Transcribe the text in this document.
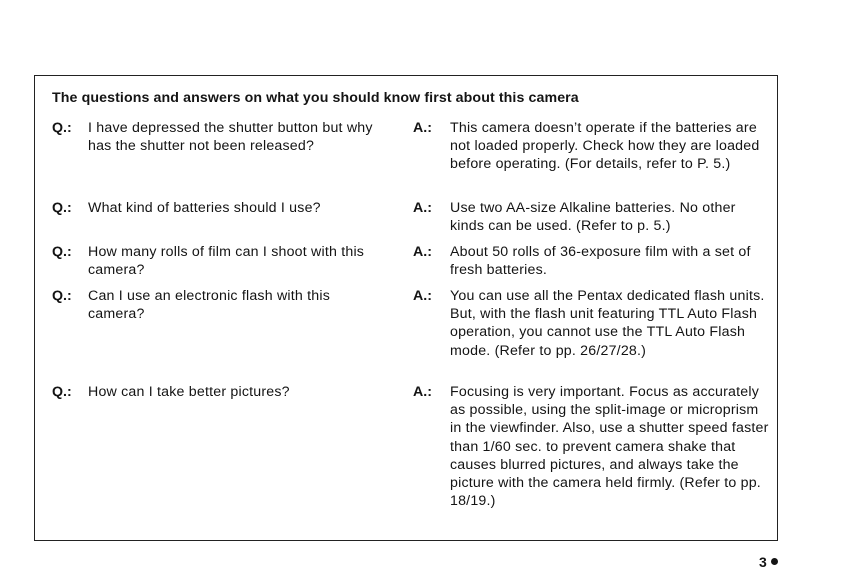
The questions and answers on what you should know first about this camera
Q.: I have depressed the shutter button but why has the shutter not been released?
A.: This camera doesn’t operate if the batteries are not loaded properly. Check how they are loaded before operating. (For details, refer to P. 5.)
Q.: What kind of batteries should I use?	A.: Use two AA-size Alkaline batteries. No other kinds can be used. (Refer to p. 5.)
Q.: How many rolls of film can I shoot with this camera?
A.: About 50 rolls of 36-exposure film with a set of fresh batteries.
Q.: Can I use an electronic flash with this camera?
A.: You can use all the Pentax dedicated flash units. But, with the flash unit featuring TTL Auto Flash operation, you cannot use the TTL Auto Flash mode. (Refer to pp. 26/27/28.)
Q.: How can I take better pictures?	A.: Focusing is very important. Focus as accurately as possible, using the split-image or microprism in the viewfinder. Also, use a shutter speed faster than 1/60 sec. to prevent camera shake that causes blurred pictures, and always take the picture with the camera held firmly. (Refer to pp. 18/19.)
3
